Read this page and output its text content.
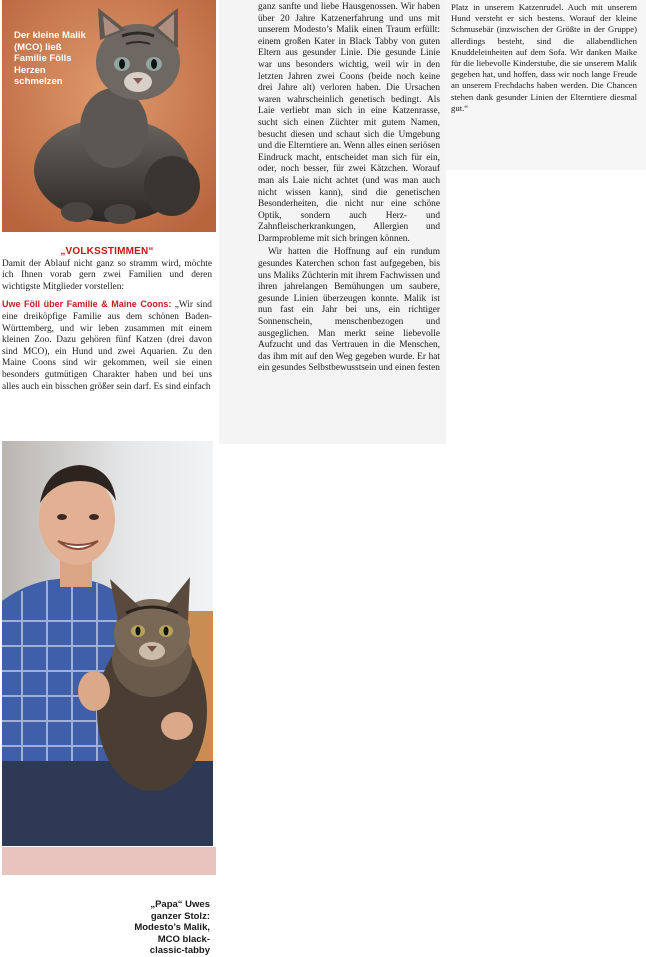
Der kleine Malik (MCO) ließ Familie Fölls Herzen schmelzen
„VOLKSSTIMMEN“

Damit der Ablauf nicht ganz so stramm wird, möchte ich Ihnen vorab gern zwei Familien und deren wichtigste Mitglieder vorstellen:

Uwe Föll über Familie & Maine Coons: „Wir sind eine dreiköpfige Familie aus dem schönen Baden-Württemberg, und wir leben zusammen mit einem kleinen Zoo. Dazu gehören fünf Katzen (drei davon sind MCO), ein Hund und zwei Aquarien. Zu den Maine Coons sind wir gekommen, weil sie einen besonders gutmütigen Charakter haben und bei uns alles auch ein bisschen größer sein darf. Es sind einfach

„Papa“ Uwes ganzer Stolz: Modesto’s Malik, MCO black-classic-tabby

ganz sanfte und liebe Hausgenossen. Wir haben über 20 Jahre Katzenerfahrung und uns mit unserem Modesto’s Malik einen Traum erfüllt: einem großen Kater in Black Tabby von guten Eltern aus gesunder Linie. Die gesunde Linie war uns besonders wichtig, weil wir in den letzten Jahren zwei Coons (beide noch keine drei Jahre alt) verloren haben. Die Ursachen waren wahrscheinlich genetisch bedingt. Als Laie verliebt man sich in eine Katzenrasse, sucht sich einen Züchter mit gutem Namen, besucht diesen und schaut sich die Umgebung und die Elterntiere an. Wenn alles einen seriösen Eindruck macht, entscheidet man sich für ein, oder, noch besser, für zwei Kätzchen. Worauf man als Laie nicht achtet (und was man auch nicht wissen kann), sind die genetischen Besonderheiten, die nicht nur eine schöne Optik, sondern auch Herz- und Zahnfleischerkrankungen, Allergien und Darmprobleme mit sich bringen können.

Wir hatten die Hoffnung auf ein rundum gesundes Katerchen schon fast aufgegeben, bis uns Maliks Züchterin mit ihrem Fachwissen und ihren jahrelangen Bemühungen um saubere, gesunde Linien überzeugen konnte. Malik ist nun fast ein Jahr bei uns, ein richtiger Sonnenschein, menschenbezogen und ausgeglichen. Man merkt seine liebevolle Aufzucht und das Vertrauen in die Menschen, das ihm mit auf den Weg gegeben wurde. Er hat ein gesundes Selbstbewusstsein und einen festen

Platz in unserem Katzenrudel. Auch mit unserem Hund versteht er sich bestens. Worauf der kleine Schmusebär (inzwischen der Größte in der Gruppe) allerdings besteht, sind die allabendlichen Knuddeleinheiten auf dem Sofa. Wir danken Maike für die liebevolle Kinderstube, die sie unserem Malik gegeben hat, und hoffen, dass wir noch lange Freude an unserem Frechdachs haben werden. Die Chancen stehen dank gesunder Linien der Elterntiere diesmal gut.“
